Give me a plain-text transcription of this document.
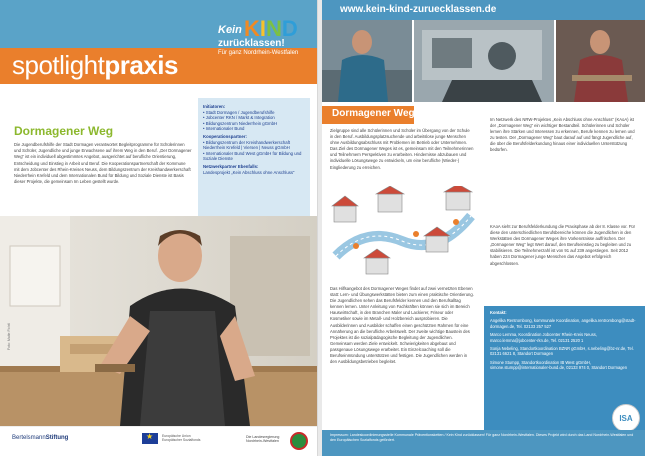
spotlightpraxis
Kein KIND
zurücklassen!
Für ganz Nordrhein-Westfalen
Dormagener Weg
Die Jugendberufshilfe der Stadt Dormagen verantwortet Begleitprogramme für Schülerinnen und Schüler, Jugendliche und junge Erwachsene auf ihrem Weg in den Beruf. „Der Dormagener Weg“ ist ein individuell abgestimmtes Angebot, ausgerichtet auf berufliche Orientierung, Entscheidung und Einstieg in Arbeit und Beruf. Die Kooperationspartnerschaft der Kommune mit dem Jobcenter des Rhein-Kreises Neuss, dem Bildungszentrum der Kreishandwerkerschaft Niederrhein Krefeld und dem Internationalen Bund für Bildung und Soziale Dienste ist Basis dieser Projekte, die gemeinsam Im Leben gestellt wurde.
Initiatoren:
• Stadt Dormagen / Jugendberufshilfe
• Jobcenter RKN / Markt & Integration
• Bildungszentrum Niederrhein gGmbH
• Internationaler Bund
Kooperationspartner:
• Bildungszentrum der Kreishandwerkerschaft Niederrhein Krefeld | Viersen | Neuss gGmbH
• Internationaler Bund West gGmbH für Bildung und Soziale Dienste
Netzwerkpartner Ebenfalls:
Landesprojekt „Kein Abschluss ohne Anschluss“
Foto: Malte Fichtl
BertelsmannStiftung
★	Europäische Union Europäischer Sozialfonds
Die Landesregierung Nordrhein-Westfalen
www.kein-kind-zuruecklassen.de
Dormagener Weg
Zielgruppe sind alle Schülerinnen und Schüler im Übergang von der Schule in den Beruf. Ausbildungsplatzsuchende und arbeitslose junge Menschen ohne Ausbildungsabschluss mit Problemen im Betrieb oder Unternehmen. Das Ziel des Dormagener Weges ist es, gemeinsam mit den Teilnehmerinnen und Teilnehmern Perspektiven zu erarbeiten. Hindernisse abzubauen und individuelle Lösungswege zu entwickeln, um eine berufliche (Wieder-) Eingliederung zu erreichen.
Das Hilfsangebot des Dormagener Weges findet auf zwei vernetzten Ebenen statt: Lern- und Übungswerkstätten bieten zum einen praktische Orientierung. Die Jugendlichen sehen das Berufsfelder kennen und den Berufsalltag kennen lernen. Unter Anleitung von Fachkräften können sie sich im Bereich Hauswirtschaft, in den Branchen Maler und Lackierer, Friseur oder Kosmetiker sowie im Metall- und Holzbereich ausprobieren. Die Ausbilderinnen und Ausbilder schaffen einen geschützten Rahmen für eine Annäherung an die berufliche Arbeitswelt. Der zweite wichtige Baustein des Projektes ist die sozialpädagogische Begleitung der Jugendlichen. Gemeinsam werden Ziele entwickelt. Schwierigkeiten abgebaut und passgenaue Lösungswege erarbeitet. Ein Einzelcoaching soll die Berufseinmündung unterstützen und festigen. Die Jugendlichen werden in den Ausbildungsbetrieben begleitet.
Im Netzwerk des NRW-Projektes „Kein Abschluss ohne Anschluss“ (KAoA) ist der „Dormagener Weg“ ein wichtiger Bestandteil. Schülerinnen und Schüler lernen ihre Stärken und Interessen zu erkennen, Berufe kennen zu lernen und zu testen. Der „Dormagener Weg“ baut darauf auf und fängt Jugendliche auf, die über die Berufsfelderkundung hinaus einer individuellen Unterstützung bedürfen.
KAoA sieht zur Berufsfelderkundung die Praxisphase ab der 8. Klasse vor. Für diese den unterschiedlichen Berufsbereiche können die Jugendlichen in den Werkstätten des Dormagener Weges ihre Vorkenntnisse auffrischen. Der „Dormagener Weg“ legt Wert darauf, den Berufseinstieg zu begleiten und zu stabilisieren. Die Teilnehmerzahl ist von 91 auf 239 angestiegen. Seit 2012 haben 224 Dormagener junge Menschen das Angebot erfolgreich abgeschlossen.

Kontakt:

Angelika Rentrombong, kommunale Koordination, angelika.rentrombong@stadt-dormagen.de, Tel. 02133 257 527

Marco Lemma, Koordination Jobcenter Rhein-Kreis Neuss, marco.lemma@jobcenter-rkn.de, Tel. 02131 2520 1

Sonja Nebeling, Standortkoordination BZNR gGmbH, s.nebeling@bz-nr.de, Tel. 02131 6621 8, Standort Dormagen

Simone Stumpp, Standortkoordination IB West gGmbH, simone.stumpp@internationaler-bund.de, 02133 974 0, Standort Dormagen

ISA
Impressum: Landeskoordinierungsstelle Kommunale Präventionsketten / Kein Kind zurücklassen! Für ganz Nordrhein-Westfalen. Dieses Projekt wird durch das Land Nordrhein-Westfalen und den Europäischen Sozialfonds gefördert.
